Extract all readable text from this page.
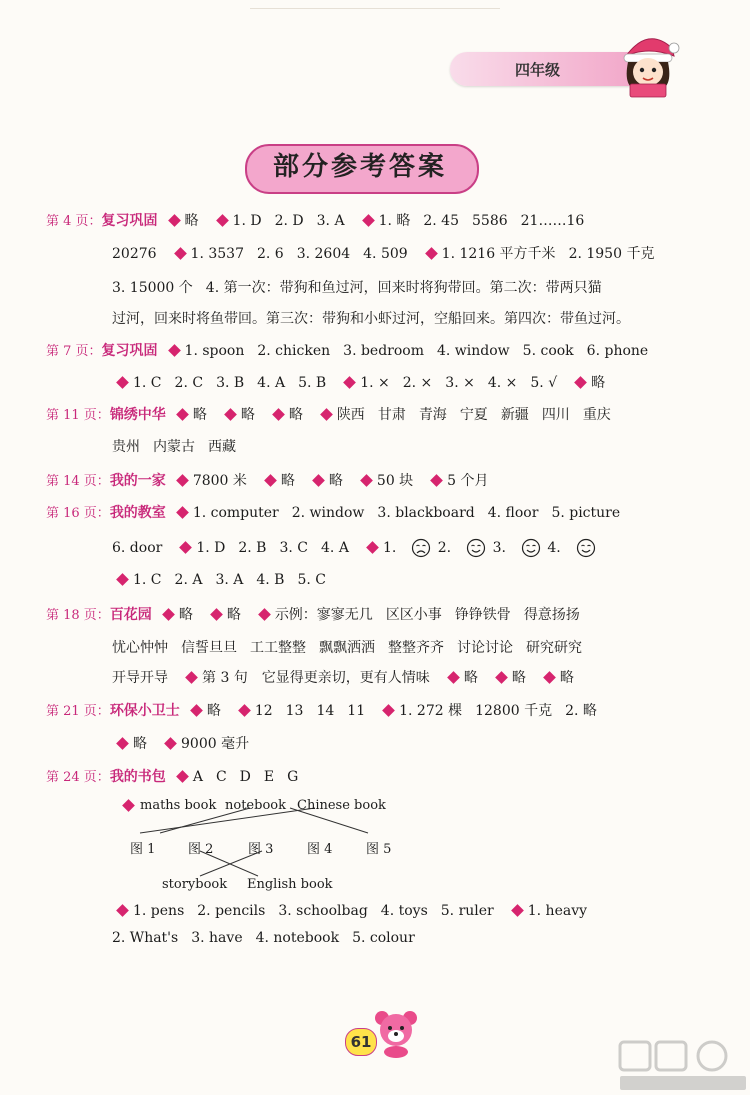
四年级
部分参考答案
第 4 页：复习巩固 略 1. D 2. D 3. A 1. 略 2. 45 5586 21……16
20276 1. 3537 2. 6 3. 2604 4. 509 1. 1216 平方千米 2. 1950 千克
3. 15000 个 4. 第一次：带狗和鱼过河，回来时将狗带回。第二次：带两只猫
过河，回来时将鱼带回。第三次：带狗和小虾过河，空船回来。第四次：带鱼过河。
第 7 页：复习巩固 1. spoon 2. chicken 3. bedroom 4. window 5. cook 6. phone
1. C 2. C 3. B 4. A 5. B 1. × 2. × 3. × 4. × 5. √ 略
第 11 页：锦绣中华 略 略 略 陕西 甘肃 青海 宁夏 新疆 四川 重庆
贵州 内蒙古 西藏
第 14 页：我的一家 7800 米 略 略 50 块 5 个月
第 16 页：我的教室 1. computer 2. window 3. blackboard 4. floor 5. picture
6. door 1. D 2. B 3. C 4. A 1.	2.	3.	4.
1. C 2. A 3. A 4. B 5. C
第 18 页：百花园 略 略 示例：寥寥无几 区区小事 铮铮铁骨 得意扬扬
忧心忡忡 信誓旦旦 工工整整 飘飘洒洒 整整齐齐 讨论讨论 研究研究
开导开导 第 3 句　它显得更亲切，更有人情味 略 略 略
第 21 页：环保小卫士 略 12 13 14 11 1. 272 棵 12800 千克 2. 略
略 9000 毫升
第 24 页：我的书包 A C D E G
maths book notebook Chinese book
图 1	图 2	图 3	图 4	图 5
storybook English book
1. pens 2. pencils 3. schoolbag 4. toys 5. ruler 1. heavy
2. What's 3. have 4. notebook 5. colour
61
